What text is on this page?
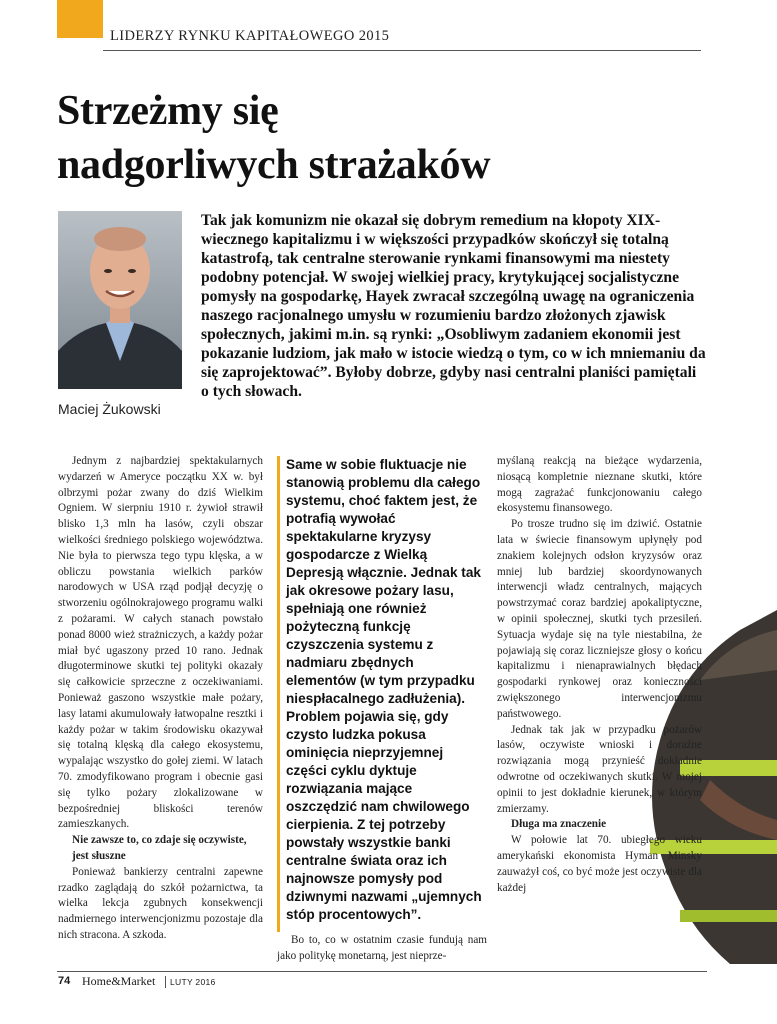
LIDERZY RYNKU KAPITAŁOWEGO 2015
Strzeżmy się
nadgorliwych strażaków
Maciej Żukowski
Tak jak komunizm nie okazał się dobrym remedium na kłopoty XIX-wiecznego kapitalizmu i w większości przypadków skończył się totalną katastrofą, tak centralne sterowanie rynkami finansowymi ma niestety podobny potencjał. W swojej wielkiej pracy, krytykującej socjalistyczne pomysły na gospodarkę, Hayek zwracał szczególną uwagę na ograniczenia naszego racjonalnego umysłu w rozumieniu bardzo złożonych zjawisk społecznych, jakimi m.in. są rynki: „Osobliwym zadaniem ekonomii jest pokazanie ludziom, jak mało w istocie wiedzą o tym, co w ich mniemaniu da się zaprojektować”. Byłoby dobrze, gdyby nasi centralni planiści pamiętali o tych słowach.

Jednym z najbardziej spektakularnych wydarzeń w Ameryce początku XX w. był olbrzymi pożar zwany do dziś Wielkim Ogniem. W sierpniu 1910 r. żywioł strawił blisko 1,3 mln ha lasów, czyli obszar wielkości średniego polskiego województwa. Nie była to pierwsza tego typu klęska, a w obliczu powstania wielkich parków narodowych w USA rząd podjął decyzję o stworzeniu ogólnokrajowego programu walki z pożarami. W całych stanach powstało ponad 8000 wież strażniczych, a każdy pożar miał być ugaszony przed 10 rano. Jednak długoterminowe skutki tej polityki okazały się całkowicie sprzeczne z oczekiwaniami. Ponieważ gaszono wszystkie małe pożary, lasy latami akumulowały łatwopalne resztki i każdy pożar w takim środowisku okazywał się totalną klęską dla całego ekosystemu, wypalając wszystko do gołej ziemi. W latach 70. zmodyfikowano program i obecnie gasi się tylko pożary zlokalizowane w bezpośredniej bliskości terenów zamieszkanych.

Nie zawsze to, co zdaje się oczywiste, jest słuszne

Ponieważ bankierzy centralni zapewne rzadko zaglądają do szkół pożarnictwa, ta wielka lekcja zgubnych konsekwencji nadmiernego interwencjonizmu pozostaje dla nich stracona. A szkoda.

Same w sobie fluktuacje nie stanowią problemu dla całego systemu, choć faktem jest, że potrafią wywołać spektakularne kryzysy gospodarcze z Wielką Depresją włącznie. Jednak tak jak okresowe pożary lasu, spełniają one również pożyteczną funkcję czyszczenia systemu z nadmiaru zbędnych elementów (w tym przypadku niespłacalnego zadłużenia). Problem pojawia się, gdy czysto ludzka pokusa ominięcia nieprzyjemnej części cyklu dyktuje rozwiązania mające oszczędzić nam chwilowego cierpienia. Z tej potrzeby powstały wszystkie banki centralne świata oraz ich najnowsze pomysły pod dziwnymi nazwami „ujemnych stóp procentowych”.

Bo to, co w ostatnim czasie fundują nam jako politykę monetarną, jest nieprze-

myślaną reakcją na bieżące wydarzenia, niosącą kompletnie nieznane skutki, które mogą zagrażać funkcjonowaniu całego ekosystemu finansowego.

Po trosze trudno się im dziwić. Ostatnie lata w świecie finansowym upłynęły pod znakiem kolejnych odsłon kryzysów oraz mniej lub bardziej skoordynowanych interwencji władz centralnych, mających powstrzymać coraz bardziej apokaliptyczne, w opinii społecznej, skutki tych przesileń. Sytuacja wydaje się na tyle niestabilna, że pojawiają się coraz liczniejsze głosy o końcu kapitalizmu i nienaprawialnych błędach gospodarki rynkowej oraz konieczności zwiększonego interwencjonizmu państwowego.

Jednak tak jak w przypadku pożarów lasów, oczywiste wnioski i doraźne rozwiązania mogą przynieść dokładnie odwrotne od oczekiwanych skutki. W mojej opinii to jest dokładnie kierunek, w którym zmierzamy.

Długa ma znaczenie

W połowie lat 70. ubiegłego wieku amerykański ekonomista Hyman Minsky zauważył coś, co być może jest oczywiste dla każdej

74 Home&Market LUTY 2016
